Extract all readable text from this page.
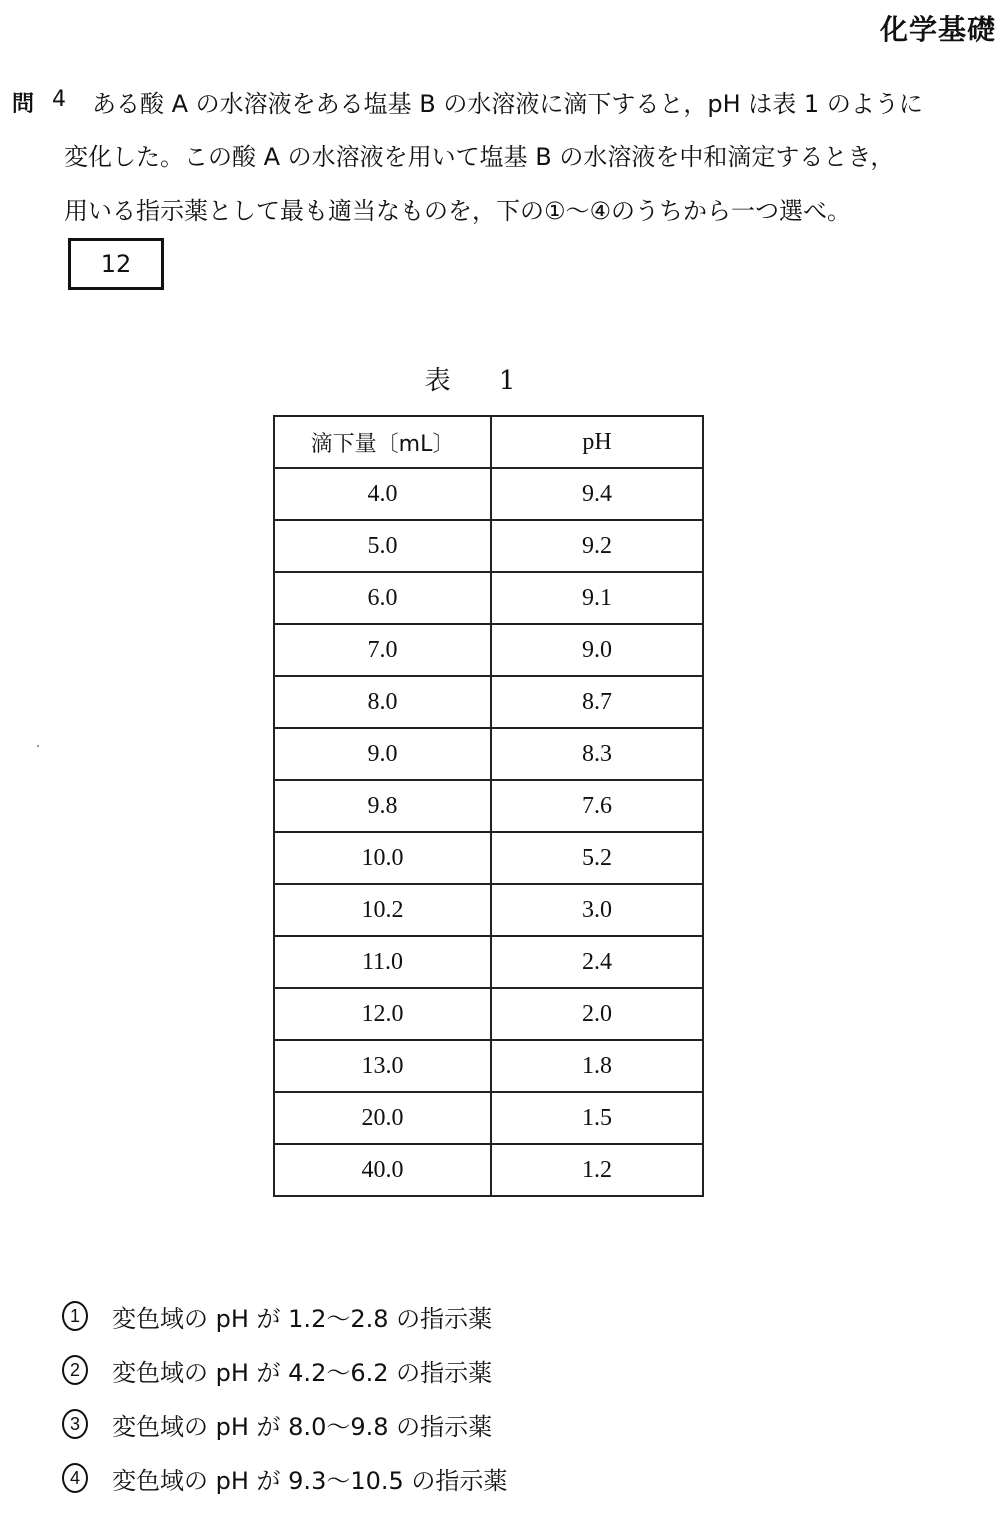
化学基礎
問 4 ある酸 A の水溶液をある塩基 B の水溶液に滴下すると，pH は表 1 のように
変化した。この酸 A の水溶液を用いて塩基 B の水溶液を中和滴定するとき，
用いる指示薬として最も適当なものを，下の①～④のうちから一つ選べ。
12
表 1
滴下量〔mL〕	pH
4.0	9.4
5.0	9.2
6.0	9.1
7.0	9.0
8.0	8.7
9.0	8.3
9.8	7.6
10.0	5.2
10.2	3.0
11.0	2.4
12.0	2.0
13.0	1.8
20.0	1.5
40.0	1.2
1	変色域の pH が 1.2～2.8 の指示薬
2	変色域の pH が 4.2～6.2 の指示薬
3	変色域の pH が 8.0～9.8 の指示薬
4	変色域の pH が 9.3～10.5 の指示薬
